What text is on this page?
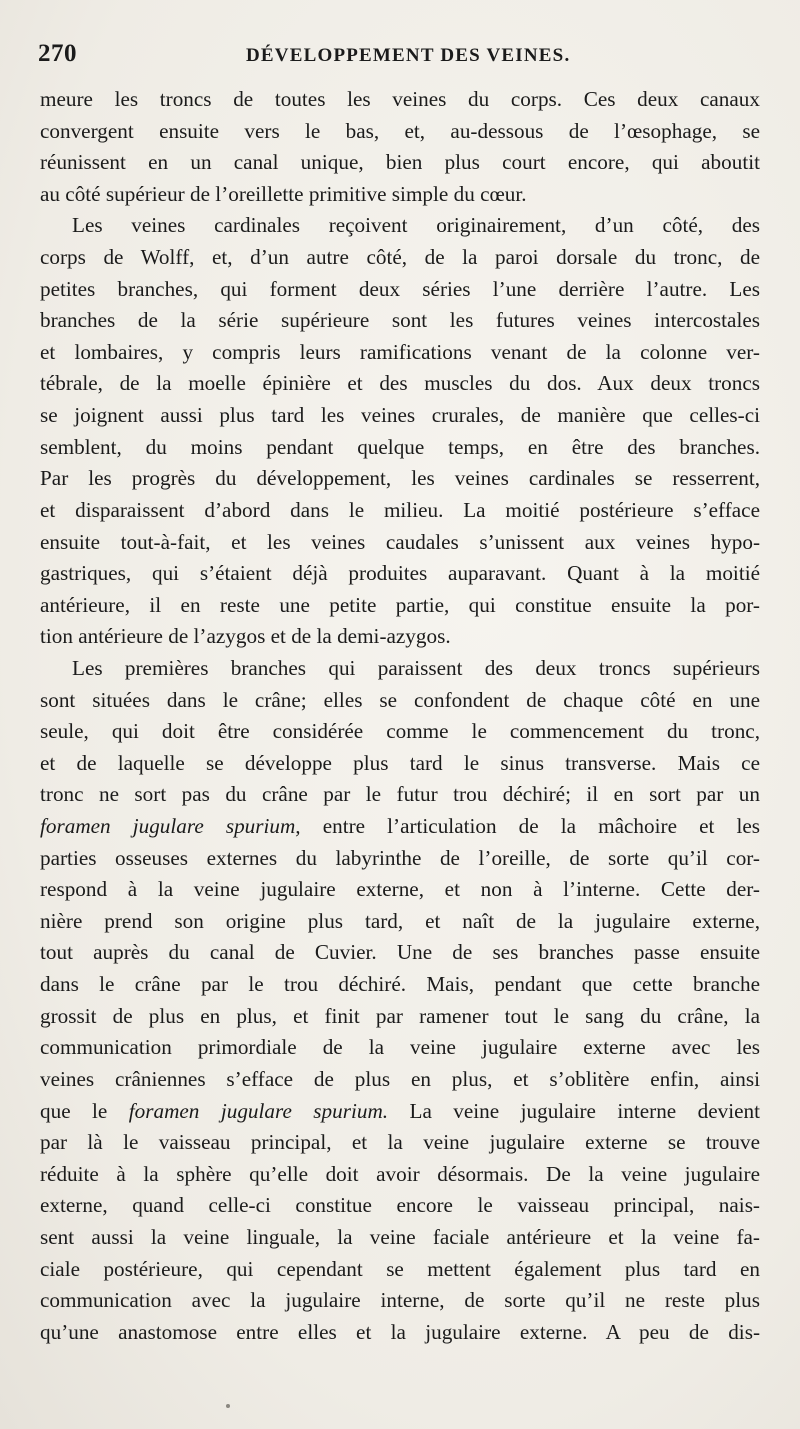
270	DÉVELOPPEMENT DES VEINES.
meure les troncs de toutes les veines du corps. Ces deux canaux
convergent ensuite vers le bas, et, au-dessous de l’œsophage, se
réunissent en un canal unique, bien plus court encore, qui aboutit
au côté supérieur de l’oreillette primitive simple du cœur.
Les veines cardinales reçoivent originairement, d’un côté, des
corps de Wolff, et, d’un autre côté, de la paroi dorsale du tronc, de
petites branches, qui forment deux séries l’une derrière l’autre. Les
branches de la série supérieure sont les futures veines intercostales
et lombaires, y compris leurs ramifications venant de la colonne ver-
tébrale, de la moelle épinière et des muscles du dos. Aux deux troncs
se joignent aussi plus tard les veines crurales, de manière que celles-ci
semblent, du moins pendant quelque temps, en être des branches.
Par les progrès du développement, les veines cardinales se resserrent,
et disparaissent d’abord dans le milieu. La moitié postérieure s’efface
ensuite tout-à-fait, et les veines caudales s’unissent aux veines hypo-
gastriques, qui s’étaient déjà produites auparavant. Quant à la moitié
antérieure, il en reste une petite partie, qui constitue ensuite la por-
tion antérieure de l’azygos et de la demi-azygos.
Les premières branches qui paraissent des deux troncs supérieurs
sont situées dans le crâne; elles se confondent de chaque côté en une
seule, qui doit être considérée comme le commencement du tronc,
et de laquelle se développe plus tard le sinus transverse. Mais ce
tronc ne sort pas du crâne par le futur trou déchiré; il en sort par un
foramen jugulare spurium, entre l’articulation de la mâchoire et les
parties osseuses externes du labyrinthe de l’oreille, de sorte qu’il cor-
respond à la veine jugulaire externe, et non à l’interne. Cette der-
nière prend son origine plus tard, et naît de la jugulaire externe,
tout auprès du canal de Cuvier. Une de ses branches passe ensuite
dans le crâne par le trou déchiré. Mais, pendant que cette branche
grossit de plus en plus, et finit par ramener tout le sang du crâne, la
communication primordiale de la veine jugulaire externe avec les
veines crâniennes s’efface de plus en plus, et s’oblitère enfin, ainsi
que le foramen jugulare spurium. La veine jugulaire interne devient
par là le vaisseau principal, et la veine jugulaire externe se trouve
réduite à la sphère qu’elle doit avoir désormais. De la veine jugulaire
externe, quand celle-ci constitue encore le vaisseau principal, nais-
sent aussi la veine linguale, la veine faciale antérieure et la veine fa-
ciale postérieure, qui cependant se mettent également plus tard en
communication avec la jugulaire interne, de sorte qu’il ne reste plus
qu’une anastomose entre elles et la jugulaire externe. A peu de dis-
